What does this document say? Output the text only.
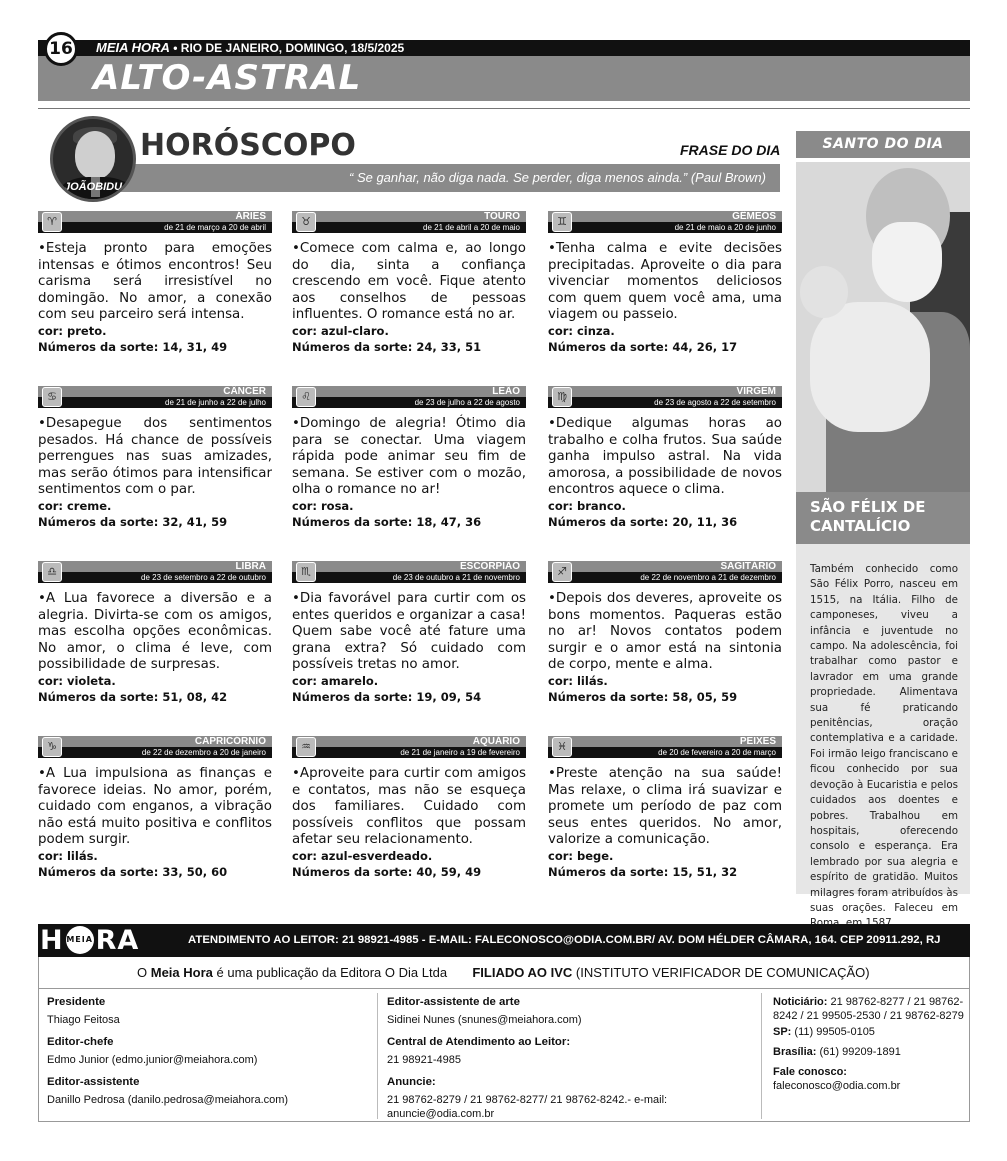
MEIA HORA • RIO DE JANEIRO, DOMINGO, 18/5/2025
16
ALTO-ASTRAL
JOÃOBIDU
HORÓSCOPO	FRASE DO DIA
“ Se ganhar, não diga nada. Se perder, diga menos ainda.” (Paul Brown)
♈	ÁRIES
de 21 de março a 20 de abril
• Esteja pronto para emoções intensas e ótimos encontros! Seu carisma será irresistível no domingão. No amor, a conexão com seu parceiro será intensa.
cor: preto.
Números da sorte: 14, 31, 49
♉	TOURO
de 21 de abril a 20 de maio
• Comece com calma e, ao longo do dia, sinta a confiança crescendo em você. Fique atento aos conselhos de pessoas influentes. O romance está no ar.
cor: azul-claro.
Números da sorte: 24, 33, 51
♊	GÊMEOS
de 21 de maio a 20 de junho
• Tenha calma e evite decisões precipitadas. Aproveite o dia para vivenciar momentos deliciosos com quem quem você ama, uma viagem ou passeio.
cor: cinza.
Números da sorte: 44, 26, 17
♋	CÂNCER
de 21 de junho a 22 de julho
• Desapegue dos sentimentos pesados. Há chance de possíveis perrengues nas suas amizades, mas serão ótimos para intensificar sentimentos com o par.
cor: creme.
Números da sorte: 32, 41, 59
♌	LEÃO
de 23 de julho a 22 de agosto
• Domingo de alegria! Ótimo dia para se conectar. Uma viagem rápida pode animar seu fim de semana. Se estiver com o mozão, olha o romance no ar!
cor: rosa.
Números da sorte: 18, 47, 36
♍	VIRGEM
de 23 de agosto a 22 de setembro
• Dedique algumas horas ao trabalho e colha frutos. Sua saúde ganha impulso astral. Na vida amorosa, a possibilidade de novos encontros aquece o clima.
cor: branco.
Números da sorte: 20, 11, 36
♎	LIBRA
de 23 de setembro a 22 de outubro
• A Lua favorece a diversão e a alegria. Divirta-se com os amigos, mas escolha opções econômicas. No amor, o clima é leve, com possibilidade de surpresas.
cor: violeta.
Números da sorte: 51, 08, 42
♏	ESCORPIÃO
de 23 de outubro a 21 de novembro
• Dia favorável para curtir com os entes queridos e organizar a casa! Quem sabe você até fature uma grana extra? Só cuidado com possíveis tretas no amor.
cor: amarelo.
Números da sorte: 19, 09, 54
♐	SAGITÁRIO
de 22 de novembro a 21 de dezembro
• Depois dos deveres, aproveite os bons momentos. Paqueras estão no ar! Novos contatos podem surgir e o amor está na sintonia de corpo, mente e alma.
cor: lilás.
Números da sorte: 58, 05, 59
♑	CAPRICÓRNIO
de 22 de dezembro a 20 de janeiro
• A Lua impulsiona as finanças e favorece ideias. No amor, porém, cuidado com enganos, a vibração não está muito positiva e conflitos podem surgir.
cor: lilás.
Números da sorte: 33, 50, 60
♒	AQUÁRIO
de 21 de janeiro a 19 de fevereiro
• Aproveite para curtir com amigos e contatos, mas não se esqueça dos familiares. Cuidado com possíveis conflitos que possam afetar seu relacionamento.
cor: azul-esverdeado.
Números da sorte: 40, 59, 49
♓	PEIXES
de 20 de fevereiro a 20 de março
• Preste atenção na sua saúde! Mas relaxe, o clima irá suavizar e promete um período de paz com seus entes queridos. No amor, valorize a comunicação.
cor: bege.
Números da sorte: 15, 51, 32
SANTO DO DIA
SÃO FÉLIX DE CANTALÍCIO
Também conhecido como São Félix Porro, nasceu em 1515, na Itália. Filho de camponeses, viveu a infância e juventude no campo. Na adolescência, foi trabalhar como pastor e lavrador em uma grande propriedade. Alimentava sua fé praticando penitências, oração contemplativa e a caridade. Foi irmão leigo franciscano e ficou conhecido por sua devoção à Eucaristia e pelos cuidados aos doentes e pobres. Trabalhou em hospitais, oferecendo consolo e esperança. Era lembrado por sua alegria e espírito de gratidão. Muitos milagres foram atribuídos às suas orações. Faleceu em
H MEIA RA	ATENDIMENTO AO LEITOR: 21 98921-4985 - E-MAIL: FALECONOSCO@ODIA.COM.BR/ AV. DOM HÉLDER CÂMARA, 164. CEP 20911.292, RJ
O Meia Hora é uma publicação da Editora O Dia Ltda FILIADO AO IVC (INSTITUTO VERIFICADOR DE COMUNICAÇÃO)
Presidente
Thiago Feitosa
Editor-chefe
Edmo Junior (edmo.junior@meiahora.com)
Editor-assistente
Danillo Pedrosa (danilo.pedrosa@meiahora.com)
Editor-assistente de arte
Sidinei Nunes (snunes@meiahora.com)
Central de Atendimento ao Leitor:
21 98921-4985
Anuncie:
21 98762-8279 / 21 98762-8277/ 21 98762-8242.- e-mail: anuncie@odia.com.br
Noticiário: 21 98762-8277 / 21 98762-8242 / 21 99505-2530 / 21 98762-8279
SP: (11) 99505-0105
Brasília: (61) 99209-1891
Fale conosco:
faleconosco@odia.com.br
